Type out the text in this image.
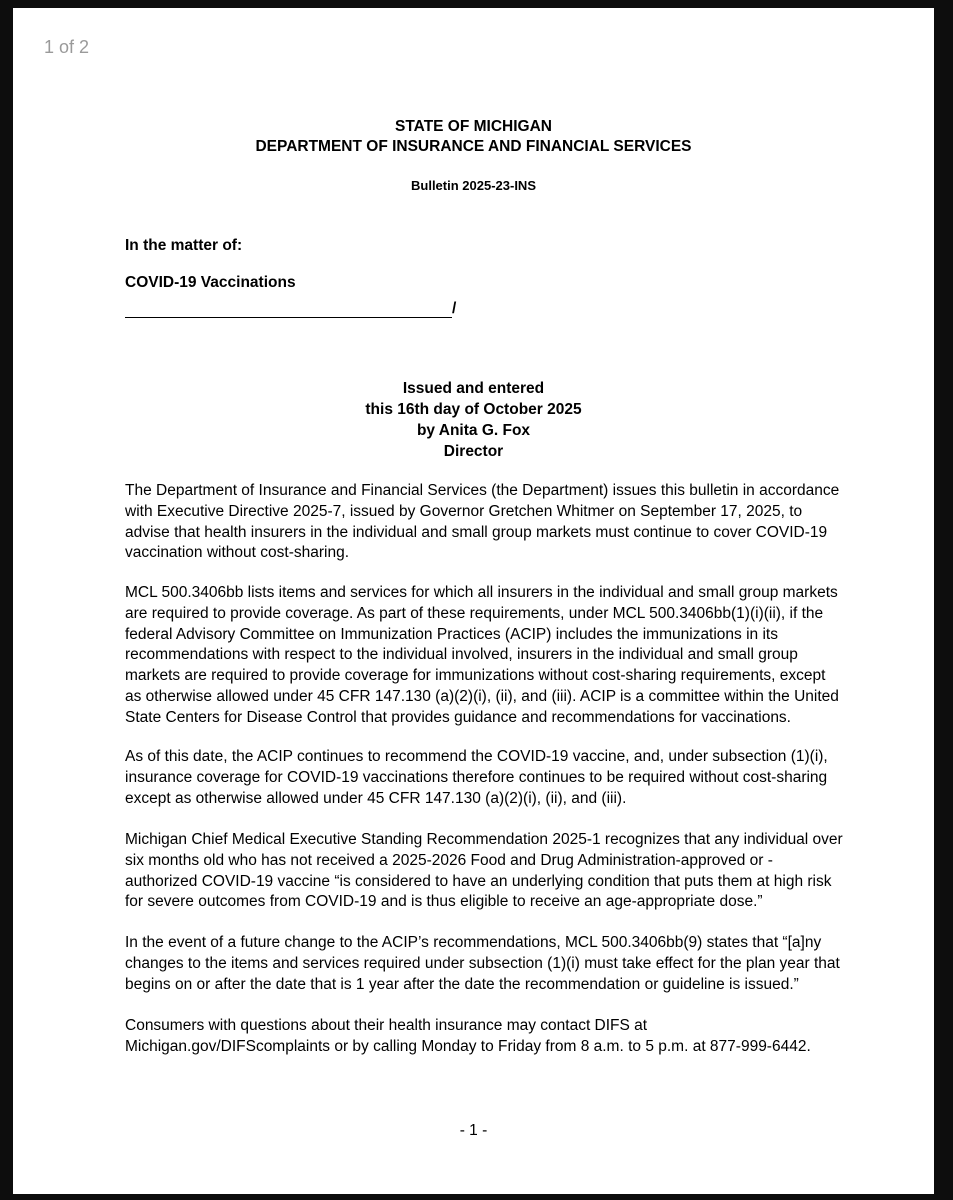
1 of 2
STATE OF MICHIGAN
DEPARTMENT OF INSURANCE AND FINANCIAL SERVICES
Bulletin 2025-23-INS
In the matter of:
COVID-19 Vaccinations
/
Issued and entered
this 16th day of October 2025
by Anita G. Fox
Director
The Department of Insurance and Financial Services (the Department) issues this bulletin in accordance with Executive Directive 2025-7, issued by Governor Gretchen Whitmer on September 17, 2025, to advise that health insurers in the individual and small group markets must continue to cover COVID-19 vaccination without cost-sharing.
MCL 500.3406bb lists items and services for which all insurers in the individual and small group markets are required to provide coverage. As part of these requirements, under MCL 500.3406bb(1)(i)(ii), if the federal Advisory Committee on Immunization Practices (ACIP) includes the immunizations in its recommendations with respect to the individual involved, insurers in the individual and small group markets are required to provide coverage for immunizations without cost-sharing requirements, except as otherwise allowed under 45 CFR 147.130 (a)(2)(i), (ii), and (iii). ACIP is a committee within the United State Centers for Disease Control that provides guidance and recommendations for vaccinations.
As of this date, the ACIP continues to recommend the COVID-19 vaccine, and, under subsection (1)(i), insurance coverage for COVID-19 vaccinations therefore continues to be required without cost-sharing except as otherwise allowed under 45 CFR 147.130 (a)(2)(i), (ii), and (iii).
Michigan Chief Medical Executive Standing Recommendation 2025-1 recognizes that any individual over six months old who has not received a 2025-2026 Food and Drug Administration-approved or -authorized COVID-19 vaccine “is considered to have an underlying condition that puts them at high risk for severe outcomes from COVID-19 and is thus eligible to receive an age-appropriate dose.”
In the event of a future change to the ACIP’s recommendations, MCL 500.3406bb(9) states that “[a]ny changes to the items and services required under subsection (1)(i) must take effect for the plan year that begins on or after the date that is 1 year after the date the recommendation or guideline is issued.”
Consumers with questions about their health insurance may contact DIFS at Michigan.gov/DIFScomplaints or by calling Monday to Friday from 8 a.m. to 5 p.m. at 877-999-6442.
- 1 -
